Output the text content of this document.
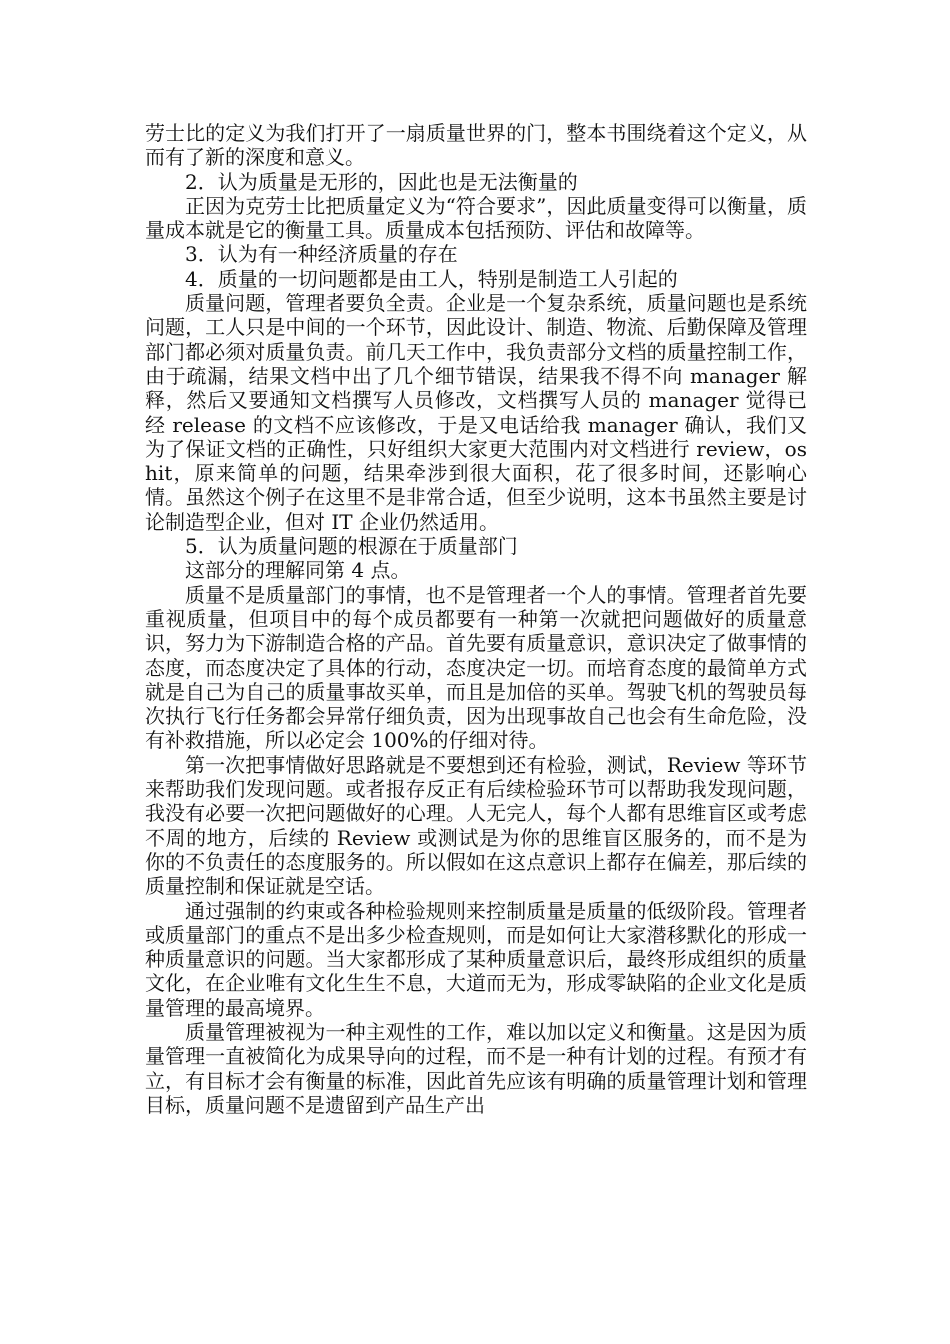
劳士比的定义为我们打开了一扇质量世界的门，整本书围绕着这个定义，从而有了新的深度和意义。

2．认为质量是无形的，因此也是无法衡量的

正因为克劳士比把质量定义为“符合要求”，因此质量变得可以衡量，质量成本就是它的衡量工具。质量成本包括预防、评估和故障等。

3．认为有一种经济质量的存在

4．质量的一切问题都是由工人，特别是制造工人引起的

质量问题，管理者要负全责。企业是一个复杂系统，质量问题也是系统问题，工人只是中间的一个环节，因此设计、制造、物流、后勤保障及管理部门都必须对质量负责。前几天工作中，我负责部分文档的质量控制工作，由于疏漏，结果文档中出了几个细节错误，结果我不得不向 manager 解释，然后又要通知文档撰写人员修改，文档撰写人员的 manager 觉得已经 release 的文档不应该修改，于是又电话给我 manager 确认，我们又为了保证文档的正确性，只好组织大家更大范围内对文档进行 review，oshit，原来简单的问题，结果牵涉到很大面积，花了很多时间，还影响心情。虽然这个例子在这里不是非常合适，但至少说明，这本书虽然主要是讨论制造型企业，但对 IT 企业仍然适用。

5．认为质量问题的根源在于质量部门

这部分的理解同第 4 点。

质量不是质量部门的事情，也不是管理者一个人的事情。管理者首先要重视质量，但项目中的每个成员都要有一种第一次就把问题做好的质量意识，努力为下游制造合格的产品。首先要有质量意识，意识决定了做事情的态度，而态度决定了具体的行动，态度决定一切。而培育态度的最简单方式就是自己为自己的质量事故买单，而且是加倍的买单。驾驶飞机的驾驶员每次执行飞行任务都会异常仔细负责，因为出现事故自己也会有生命危险，没有补救措施，所以必定会 100%的仔细对待。

第一次把事情做好思路就是不要想到还有检验，测试，Review 等环节来帮助我们发现问题。或者报存反正有后续检验环节可以帮助我发现问题，我没有必要一次把问题做好的心理。人无完人，每个人都有思维盲区或考虑不周的地方，后续的 Review 或测试是为你的思维盲区服务的，而不是为你的不负责任的态度服务的。所以假如在这点意识上都存在偏差，那后续的质量控制和保证就是空话。

通过强制的约束或各种检验规则来控制质量是质量的低级阶段。管理者或质量部门的重点不是出多少检查规则，而是如何让大家潜移默化的形成一种质量意识的问题。当大家都形成了某种质量意识后，最终形成组织的质量文化，在企业唯有文化生生不息，大道而无为，形成零缺陷的企业文化是质量管理的最高境界。

质量管理被视为一种主观性的工作，难以加以定义和衡量。这是因为质量管理一直被简化为成果导向的过程，而不是一种有计划的过程。有预才有立，有目标才会有衡量的标准，因此首先应该有明确的质量管理计划和管理目标，质量问题不是遗留到产品生产出
